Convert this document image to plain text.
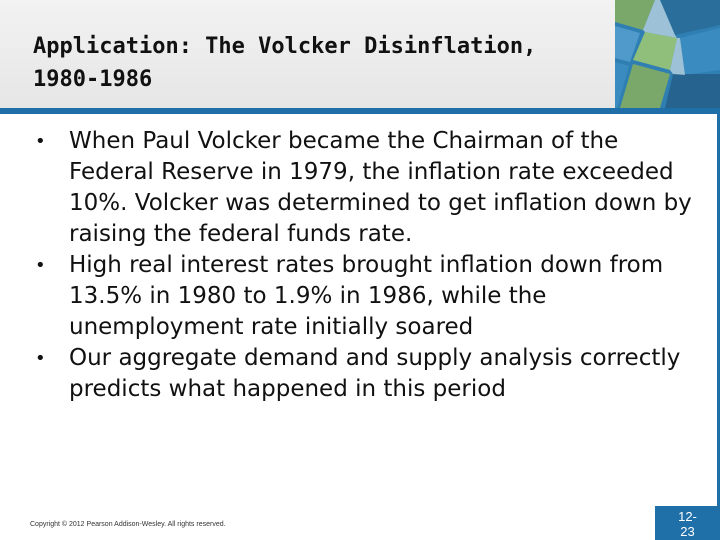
Application: The Volcker Disinflation,
1980-1986
• When Paul Volcker became the Chairman of the Federal Reserve in 1979, the inflation rate exceeded 10%. Volcker was determined to get inflation down by raising the federal funds rate.
• High real interest rates brought inflation down from 13.5% in 1980 to 1.9% in 1986, while the unemployment rate initially soared
• Our aggregate demand and supply analysis correctly predicts what happened in this period
Copyright © 2012 Pearson Addison-Wesley. All rights reserved.
12-
23
